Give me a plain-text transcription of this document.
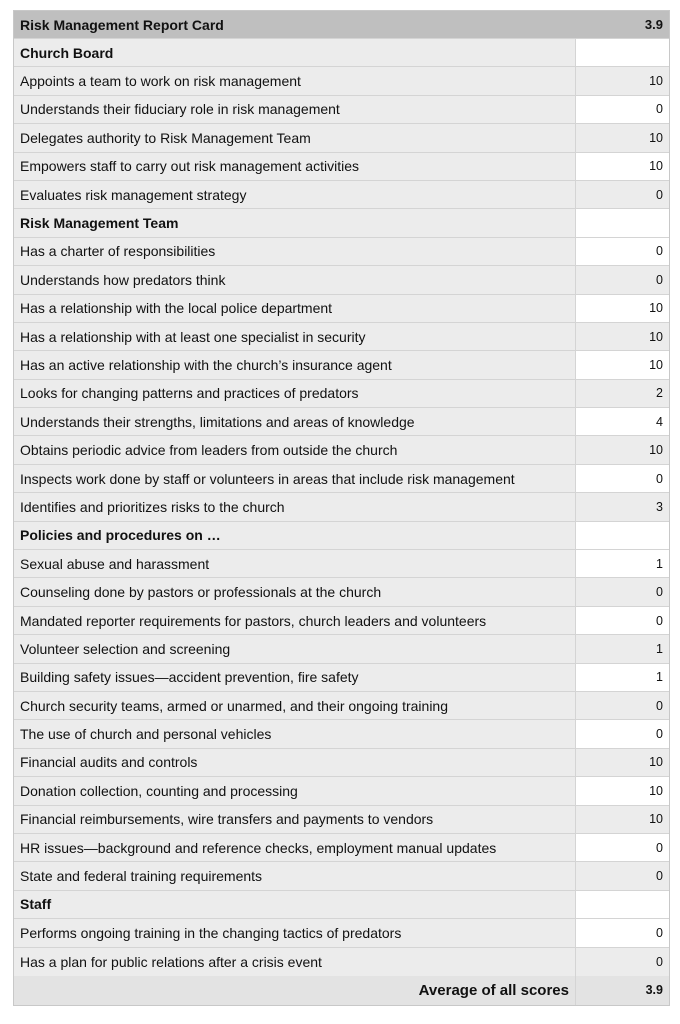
Risk Management Report Card	3.9
Church Board
Appoints a team to work on risk management	10
Understands their fiduciary role in risk management	0
Delegates authority to Risk Management Team	10
Empowers staff to carry out risk management activities	10
Evaluates risk management strategy	0
Risk Management Team
Has a charter of responsibilities	0
Understands how predators think	0
Has a relationship with the local police department	10
Has a relationship with at least one specialist in security	10
Has an active relationship with the church’s insurance agent	10
Looks for changing patterns and practices of predators	2
Understands their strengths, limitations and areas of knowledge	4
Obtains periodic advice from leaders from outside the church	10
Inspects work done by staff or volunteers in areas that include risk management	0
Identifies and prioritizes risks to the church	3
Policies and procedures on …
Sexual abuse and harassment	1
Counseling done by pastors or professionals at the church	0
Mandated reporter requirements for pastors, church leaders and volunteers	0
Volunteer selection and screening	1
Building safety issues—accident prevention, fire safety	1
Church security teams, armed or unarmed, and their ongoing training	0
The use of church and personal vehicles	0
Financial audits and controls	10
Donation collection, counting and processing	10
Financial reimbursements, wire transfers and payments to vendors	10
HR issues—background and reference checks, employment manual updates	0
State and federal training requirements	0
Staff
Performs ongoing training in the changing tactics of predators	0
Has a plan for public relations after a crisis event	0
Average of all scores	3.9
